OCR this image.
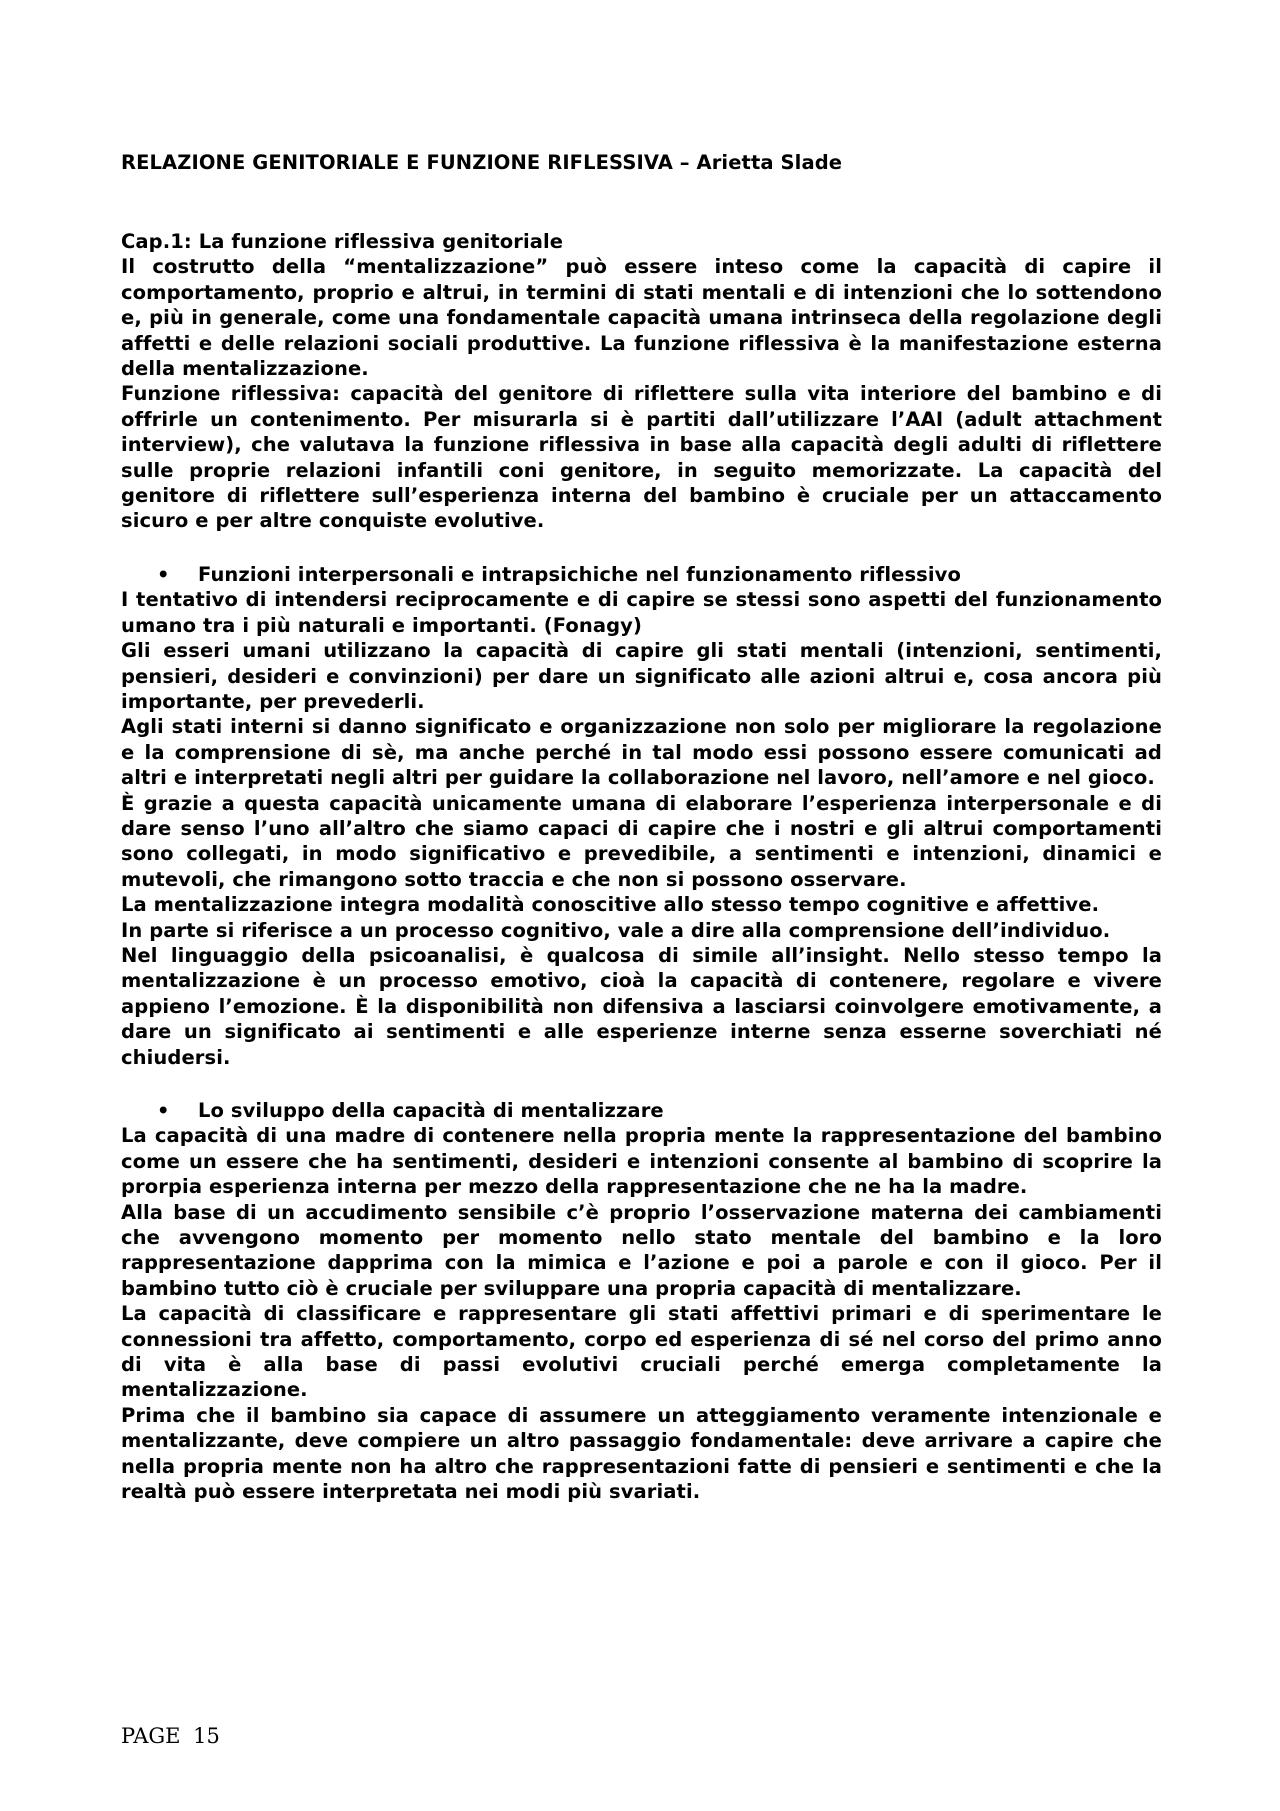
RELAZIONE GENITORIALE E FUNZIONE RIFLESSIVA – Arietta Slade
Cap.1: La funzione riflessiva genitoriale

Il costrutto della “mentalizzazione” può essere inteso come la capacità di capire il comportamento, proprio e altrui, in termini di stati mentali e di intenzioni che lo sottendono e, più in generale, come una fondamentale capacità umana intrinseca della regolazione degli affetti e delle relazioni sociali produttive. La funzione riflessiva è la manifestazione esterna della mentalizzazione.

Funzione riflessiva: capacità del genitore di riflettere sulla vita interiore del bambino e di offrirle un contenimento. Per misurarla si è partiti dall’utilizzare l’AAI (adult attachment interview), che valutava la funzione riflessiva in base alla capacità degli adulti di riflettere sulle proprie relazioni infantili coni genitore, in seguito memorizzate. La capacità del genitore di riflettere sull’esperienza interna del bambino è cruciale per un attaccamento sicuro e per altre conquiste evolutive.

• Funzioni interpersonali e intrapsichiche nel funzionamento riflessivo

I tentativo di intendersi reciprocamente e di capire se stessi sono aspetti del funzionamento umano tra i più naturali e importanti. (Fonagy)

Gli esseri umani utilizzano la capacità di capire gli stati mentali (intenzioni, sentimenti, pensieri, desideri e convinzioni) per dare un significato alle azioni altrui e, cosa ancora più importante, per prevederli.

Agli stati interni si danno significato e organizzazione non solo per migliorare la regolazione e la comprensione di sè, ma anche perché in tal modo essi possono essere comunicati ad altri e interpretati negli altri per guidare la collaborazione nel lavoro, nell’amore e nel gioco.

È grazie a questa capacità unicamente umana di elaborare l’esperienza interpersonale e di dare senso l’uno all’altro che siamo capaci di capire che i nostri e gli altrui comportamenti sono collegati, in modo significativo e prevedibile, a sentimenti e intenzioni, dinamici e mutevoli, che rimangono sotto traccia e che non si possono osservare.

La mentalizzazione integra modalità conoscitive allo stesso tempo cognitive e affettive.

In parte si riferisce a un processo cognitivo, vale a dire alla comprensione dell’individuo.

Nel linguaggio della psicoanalisi, è qualcosa di simile all’insight. Nello stesso tempo la mentalizzazione è un processo emotivo, cioà la capacità di contenere, regolare e vivere appieno l’emozione. È la disponibilità non difensiva a lasciarsi coinvolgere emotivamente, a dare un significato ai sentimenti e alle esperienze interne senza esserne soverchiati né chiudersi.

• Lo sviluppo della capacità di mentalizzare

La capacità di una madre di contenere nella propria mente la rappresentazione del bambino come un essere che ha sentimenti, desideri e intenzioni consente al bambino di scoprire la prorpia esperienza interna per mezzo della rappresentazione che ne ha la madre.

Alla base di un accudimento sensibile c’è proprio l’osservazione materna dei cambiamenti che avvengono momento per momento nello stato mentale del bambino e la loro rappresentazione dapprima con la mimica e l’azione e poi a parole e con il gioco. Per il bambino tutto ciò è cruciale per sviluppare una propria capacità di mentalizzare.

La capacità di classificare e rappresentare gli stati affettivi primari e di sperimentare le connessioni tra affetto, comportamento, corpo ed esperienza di sé nel corso del primo anno di vita è alla base di passi evolutivi cruciali perché emerga completamente la mentalizzazione.

Prima che il bambino sia capace di assumere un atteggiamento veramente intenzionale e mentalizzante, deve compiere un altro passaggio fondamentale: deve arrivare a capire che nella propria mente non ha altro che rappresentazioni fatte di pensieri e sentimenti e che la realtà può essere interpretata nei modi più svariati.

PAGE 15
